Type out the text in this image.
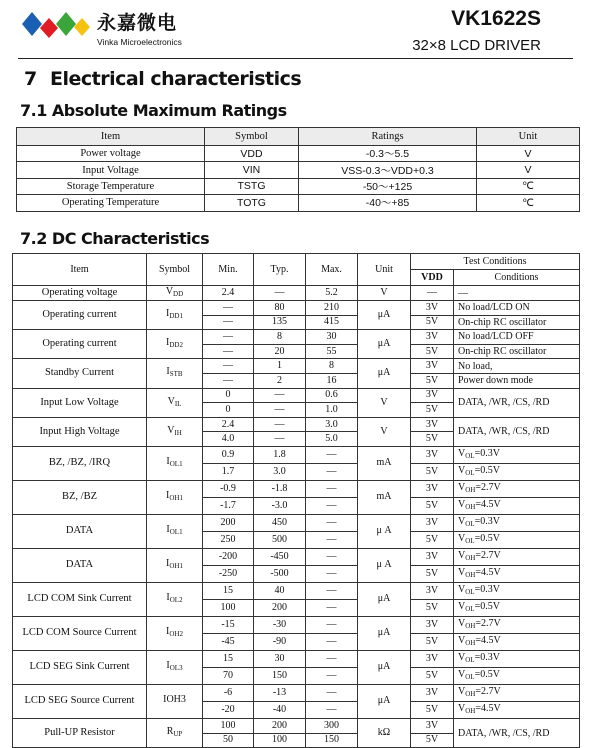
永嘉微电
Vinka Microelectronics
VK1622S
32×8 LCD DRIVER
7 Electrical characteristics
7.1 Absolute Maximum Ratings
Item	Symbol	Ratings	Unit
Power voltage	VDD	-0.3～5.5	V
Input Voltage	VIN	VSS-0.3～VDD+0.3	V
Storage Temperature	TSTG	-50～+125	℃
Operating Temperature	TOTG	-40～+85	℃
7.2 DC Characteristics
Item	Symbol	Min.	Typ.	Max.	Unit	Test Conditions	
						VDD	Conditions
Operating voltage	$V_{DD}$	2.4	—	5.2	V	—	—
Operating current	$I_{DD1}$	—	80	210	μA	3V	No load/LCD ON
		—	135	415		5V	On-chip RC oscillator
Operating current	$I_{DD2}$	—	8	30	μA	3V	No load/LCD OFF
		—	20	55		5V	On-chip RC oscillator
Standby Current	$I_{STB}$	—	1	8	μA	3V	No load,
		—	2	16		5V	Power down mode
Input Low Voltage	$V_{IL}$	0	—	0.6	V	3V	DATA, /WR, /CS, /RD
		0	—	1.0		5V	
Input High Voltage	$V_{IH}$	2.4	—	3.0	V	3V	DATA, /WR, /CS, /RD
		4.0	—	5.0		5V	
BZ, /BZ, /IRQ	$I_{OL1}$	0.9	1.8	—	mA	3V	$V_{OL}=0.3V$
		1.7	3.0	—		5V	$V_{OL}=0.5V$
BZ, /BZ	$I_{OH1}$	-0.9	-1.8	—	mA	3V	$V_{OH}=2.7V$
		-1.7	-3.0	—		5V	$V_{OH}=4.5V$
DATA	$I_{OL1}$	200	450	—	μ A	3V	$V_{OL}=0.3V$
		250	500	—		5V	$V_{OL}=0.5V$
DATA	$I_{OH1}$	-200	-450	—	μ A	3V	$V_{OH}=2.7V$
		-250	-500	—		5V	$V_{OH}=4.5V$
LCD COM Sink Current	$I_{OL2}$	15	40	—	μA	3V	$V_{OL}=0.3V$
		100	200	—		5V	$V_{OL}=0.5V$
LCD COM Source Current	$I_{OH2}$	-15	-30	—	μA	3V	$V_{OH}=2.7V$
		-45	-90	—		5V	$V_{OH}=4.5V$
LCD SEG Sink Current	$I_{OL3}$	15	30	—	μA	3V	$V_{OL}=0.3V$
		70	150	—		5V	$V_{OL}=0.5V$
LCD SEG Source Current	IOH3	-6	-13	—	μA	3V	$V_{OH}=2.7V$
		-20	-40	—		5V	$V_{OH}=4.5V$
Pull-UP Resistor	$R_{UP}$	100	200	300	kΩ	3V	DATA, /WR, /CS, /RD
		50	100	150		5V	
